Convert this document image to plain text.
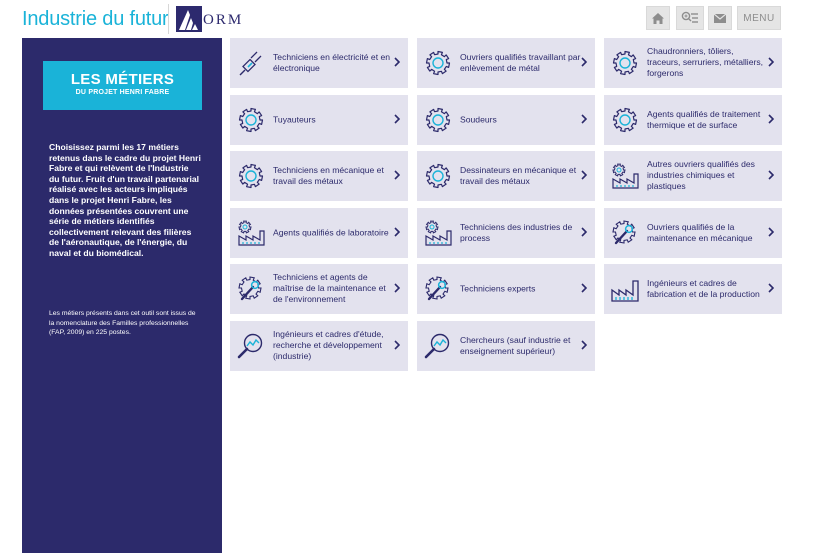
Industrie du futur ORM	MENU
LES MÉTIERS
DU PROJET HENRI FABRE
Choisissez parmi les 17 métiers retenus dans le cadre du projet Henri Fabre et qui relèvent de l'Industrie du futur. Fruit d'un travail partenarial réalisé avec les acteurs impliqués dans le projet Henri Fabre, les données présentées couvrent une série de métiers identifiés collectivement relevant des filières de l'aéronautique, de l'énergie, du naval et du biomédical.
Les métiers présents dans cet outil sont issus de la nomenclature des Familles professionnelles (FAP, 2009) en 225 postes.
Techniciens en électricité et en électronique
Ouvriers qualifiés travaillant par enlèvement de métal
Chaudronniers, tôliers, traceurs, serruriers, métalliers, forgerons
Tuyauteurs	Soudeurs
Agents qualifiés de traitement thermique et de surface
Techniciens en mécanique et travail des métaux
Dessinateurs en mécanique et travail des métaux
Autres ouvriers qualifiés des industries chimiques et plastiques
Agents qualifiés de laboratoire
Techniciens des industries de process
Ouvriers qualifiés de la maintenance en mécanique
Techniciens et agents de maîtrise de la maintenance et de l'environnement
Techniciens experts
Ingénieurs et cadres de fabrication et de la production
Ingénieurs et cadres d'étude, recherche et développement (industrie)
Chercheurs (sauf industrie et enseignement supérieur)
